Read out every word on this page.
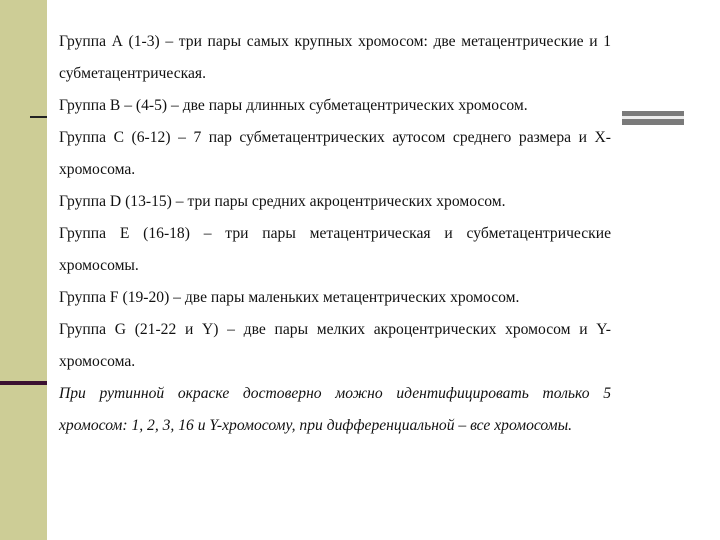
Группа А (1-3) – три пары самых крупных хромосом: две метацентрические и 1 субметацентрическая.

Группа B – (4-5) – две пары длинных субметацентрических хромосом.

Группа C (6-12) – 7 пар субметацентрических аутосом среднего размера и X-хромосома.

Группа D (13-15) – три пары средних акроцентрических хромосом.

Группа E (16-18) – три пары метацентрическая и субметацентрические хромосомы.

Группа F (19-20) – две пары маленьких метацентрических хромосом.

Группа G (21-22 и Y) – две пары мелких акроцентрических хромосом и Y-хромосома.

При рутинной окраске достоверно можно идентифицировать только 5 хромосом: 1, 2, 3, 16 и Y-хромосому, при дифференциальной – все хромосомы.
